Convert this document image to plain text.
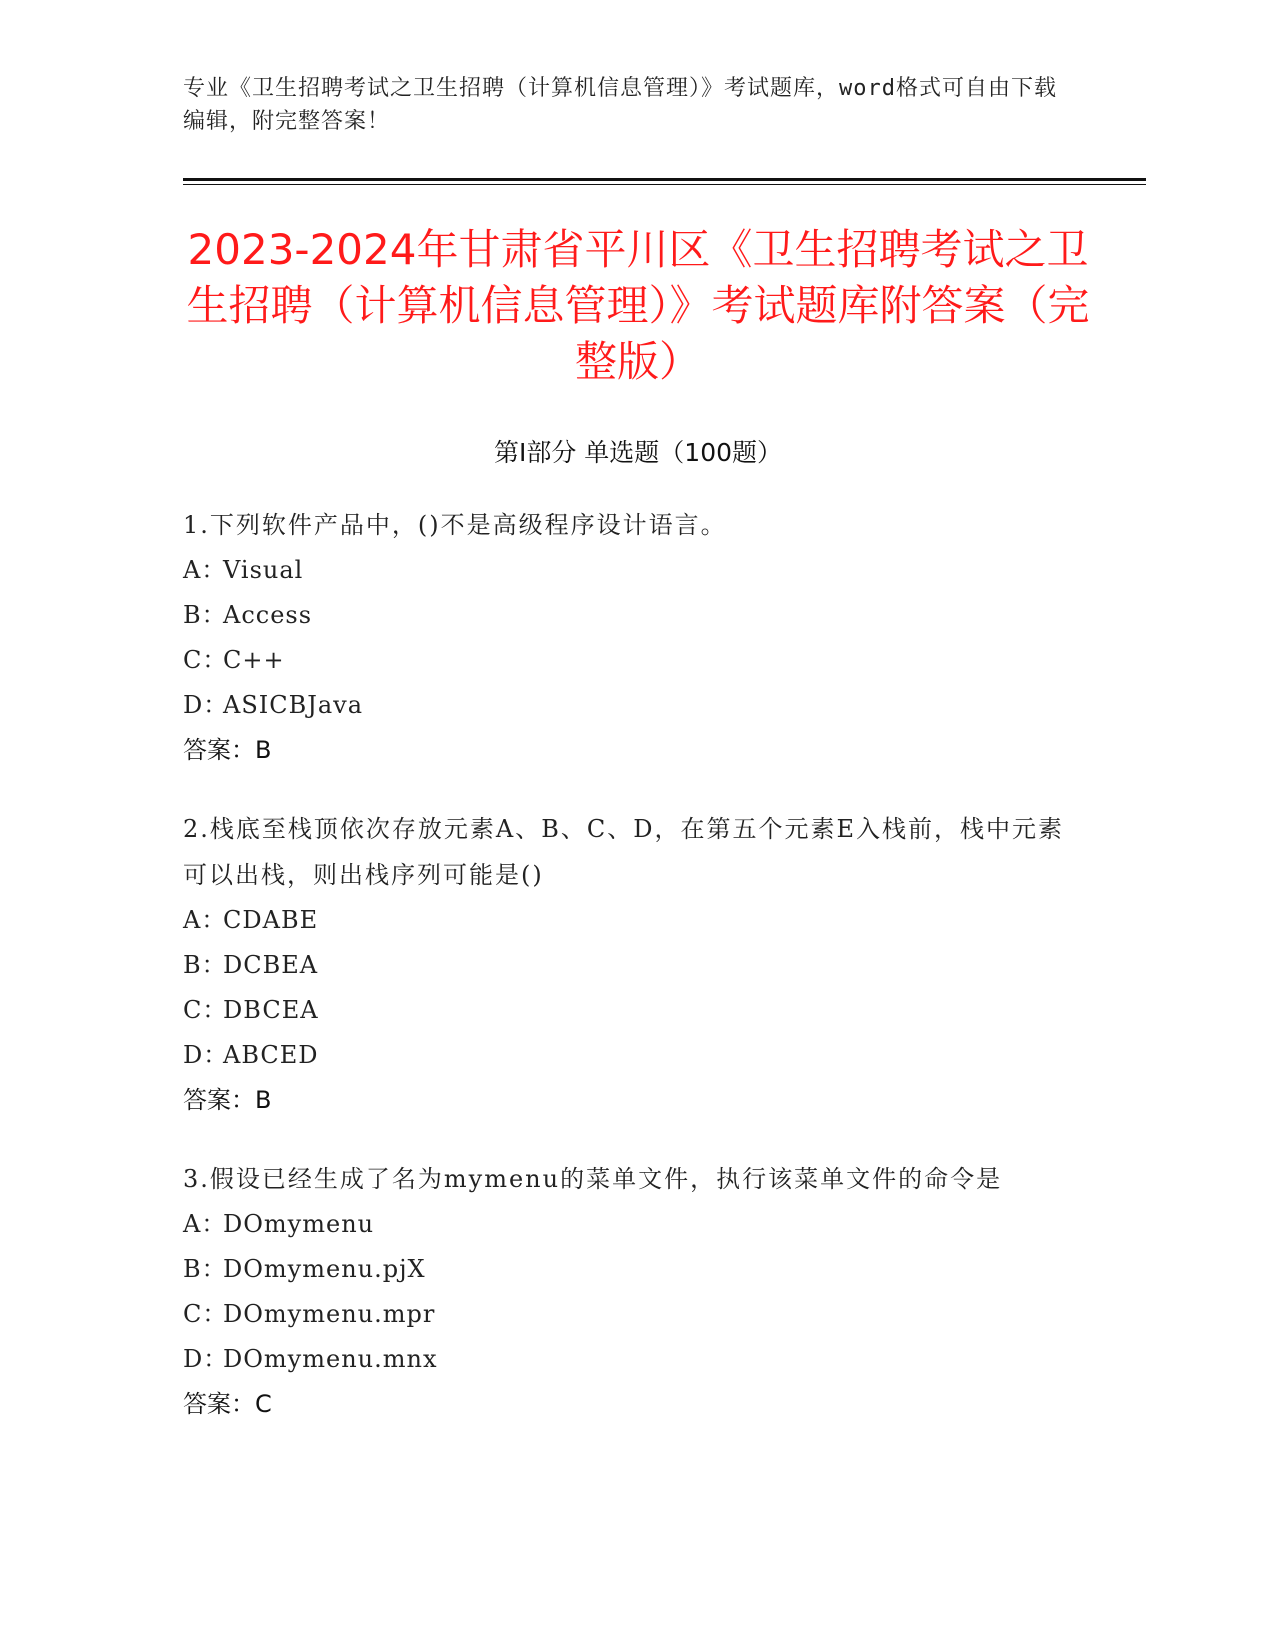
专业《卫生招聘考试之卫生招聘（计算机信息管理）》考试题库，word格式可自由下载编辑，附完整答案！
2023-2024年甘肃省平川区《卫生招聘考试之卫生招聘（计算机信息管理）》考试题库附答案（完整版）
第Ⅰ部分 单选题（100题）

1.下列软件产品中，()不是高级程序设计语言。

A：
Visual
B：
Access
C：
C++
D：
ASICBJava
答案：B

2.栈底至栈顶依次存放元素A、B、C、D，在第五个元素E入栈前，栈中元素可以出栈，则出栈序列可能是()

A：
CDABE
B：
DCBEA
C：
DBCEA
D：
ABCED
答案：B

3.假设已经生成了名为mymenu的菜单文件，执行该菜单文件的命令是

A：
DOmymenu
B：
DOmymenu.pjX
C：
DOmymenu.mpr
D：
DOmymenu.mnx
答案：C
